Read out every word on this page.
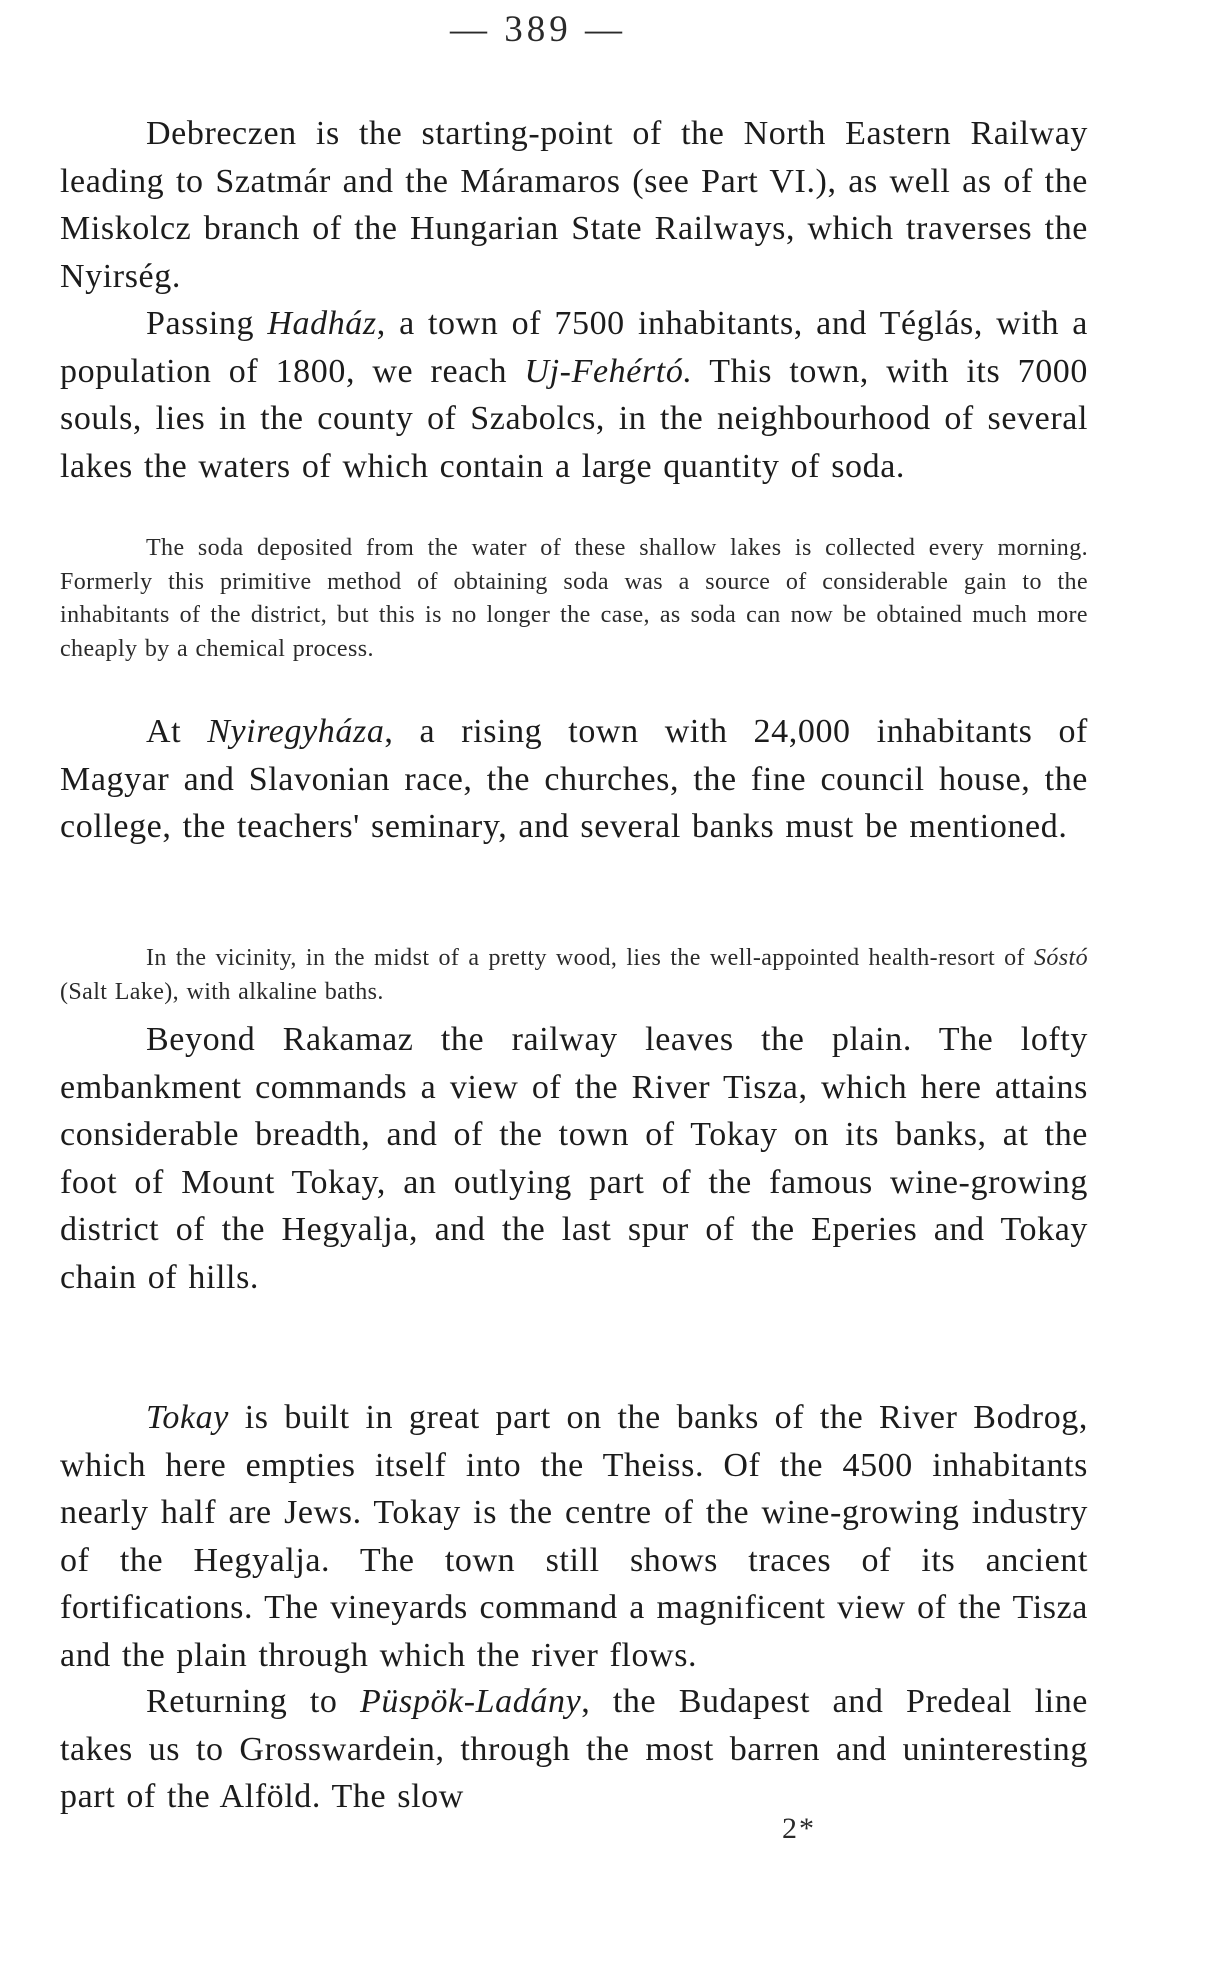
— 389 —

Debreczen is the starting-point of the North Eastern Railway leading to Szatmár and the Máramaros (see Part VI.), as well as of the Miskolcz branch of the Hungarian State Railways, which traverses the Nyirség.

Passing Hadház, a town of 7500 inhabitants, and Téglás, with a population of 1800, we reach Uj-Fehértó. This town, with its 7000 souls, lies in the county of Szabolcs, in the neighbourhood of several lakes the waters of which contain a large quantity of soda.

The soda deposited from the water of these shallow lakes is collected every morning. Formerly this primitive method of obtaining soda was a source of considerable gain to the inhabitants of the district, but this is no longer the case, as soda can now be obtained much more cheaply by a chemical process.

At Nyiregyháza, a rising town with 24,000 inhabitants of Magyar and Slavonian race, the churches, the fine council house, the college, the teachers' seminary, and several banks must be mentioned.

In the vicinity, in the midst of a pretty wood, lies the well-appointed health-resort of Sóstó (Salt Lake), with alkaline baths.

Beyond Rakamaz the railway leaves the plain. The lofty embankment commands a view of the River Tisza, which here attains considerable breadth, and of the town of Tokay on its banks, at the foot of Mount Tokay, an outlying part of the famous wine-growing district of the Hegyalja, and the last spur of the Eperies and Tokay chain of hills.

Tokay is built in great part on the banks of the River Bodrog, which here empties itself into the Theiss. Of the 4500 inhabitants nearly half are Jews. Tokay is the centre of the wine-growing industry of the Hegyalja. The town still shows traces of its ancient fortifications. The vineyards command a magnificent view of the Tisza and the plain through which the river flows.

Returning to Püspök-Ladány, the Budapest and Predeal line takes us to Grosswardein, through the most barren and uninteresting part of the Alföld. The slow

2*
